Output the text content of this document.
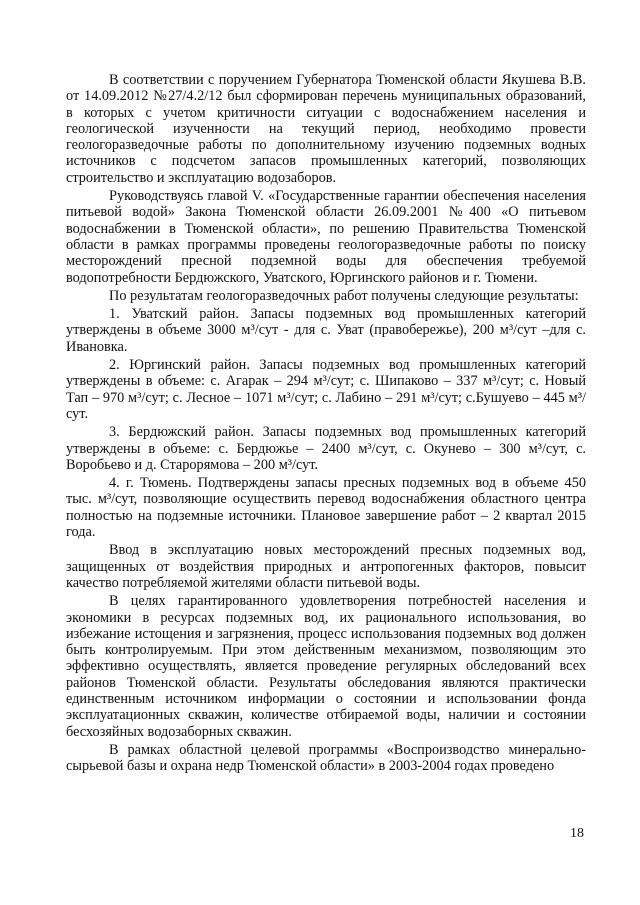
В соответствии с поручением Губернатора Тюменской области Якушева В.В. от 14.09.2012 №27/4.2/12 был сформирован перечень муниципальных образований, в которых с учетом критичности ситуации с водоснабжением населения и геологической изученности на текущий период, необходимо провести геологоразведочные работы по дополнительному изучению подземных водных источников с подсчетом запасов промышленных категорий, позволяющих строительство и эксплуатацию водозаборов.

Руководствуясь главой V. «Государственные гарантии обеспечения населения питьевой водой» Закона Тюменской области 26.09.2001 №400 «О питьевом водоснабжении в Тюменской области», по решению Правительства Тюменской области в рамках программы проведены геологоразведочные работы по поиску месторождений пресной подземной воды для обеспечения требуемой водопотребности Бердюжского, Уватского, Юргинского районов и г. Тюмени.

По результатам геологоразведочных работ получены следующие результаты:

1. Уватский район. Запасы подземных вод промышленных категорий утверждены в объеме 3000 м³/сут - для с. Уват (правобережье), 200 м³/сут –для с. Ивановка.

2. Юргинский район. Запасы подземных вод промышленных категорий утверждены в объеме: с. Агарак – 294 м³/сут; с. Шипаково – 337 м³/сут; с. Новый Тап – 970 м³/сут; с. Лесное – 1071 м³/сут; с. Лабино – 291 м³/сут; с.Бушуево – 445 м³/сут.

3. Бердюжский район. Запасы подземных вод промышленных категорий утверждены в объеме: с. Бердюжье – 2400 м³/сут, с. Окунево – 300 м³/сут, с. Воробьево и д. Старорямова – 200 м³/сут.

4. г. Тюмень. Подтверждены запасы пресных подземных вод в объеме 450 тыс. м³/сут, позволяющие осуществить перевод водоснабжения областного центра полностью на подземные источники. Плановое завершение работ – 2 квартал 2015 года.

Ввод в эксплуатацию новых месторождений пресных подземных вод, защищенных от воздействия природных и антропогенных факторов, повысит качество потребляемой жителями области питьевой воды.

В целях гарантированного удовлетворения потребностей населения и экономики в ресурсах подземных вод, их рационального использования, во избежание истощения и загрязнения, процесс использования подземных вод должен быть контролируемым. При этом действенным механизмом, позволяющим это эффективно осуществлять, является проведение регулярных обследований всех районов Тюменской области. Результаты обследования являются практически единственным источником информации о состоянии и использовании фонда эксплуатационных скважин, количестве отбираемой воды, наличии и состоянии бесхозяйных водозаборных скважин.

В рамках областной целевой программы «Воспроизводство минерально-сырьевой базы и охрана недр Тюменской области» в 2003-2004 годах проведено

18
